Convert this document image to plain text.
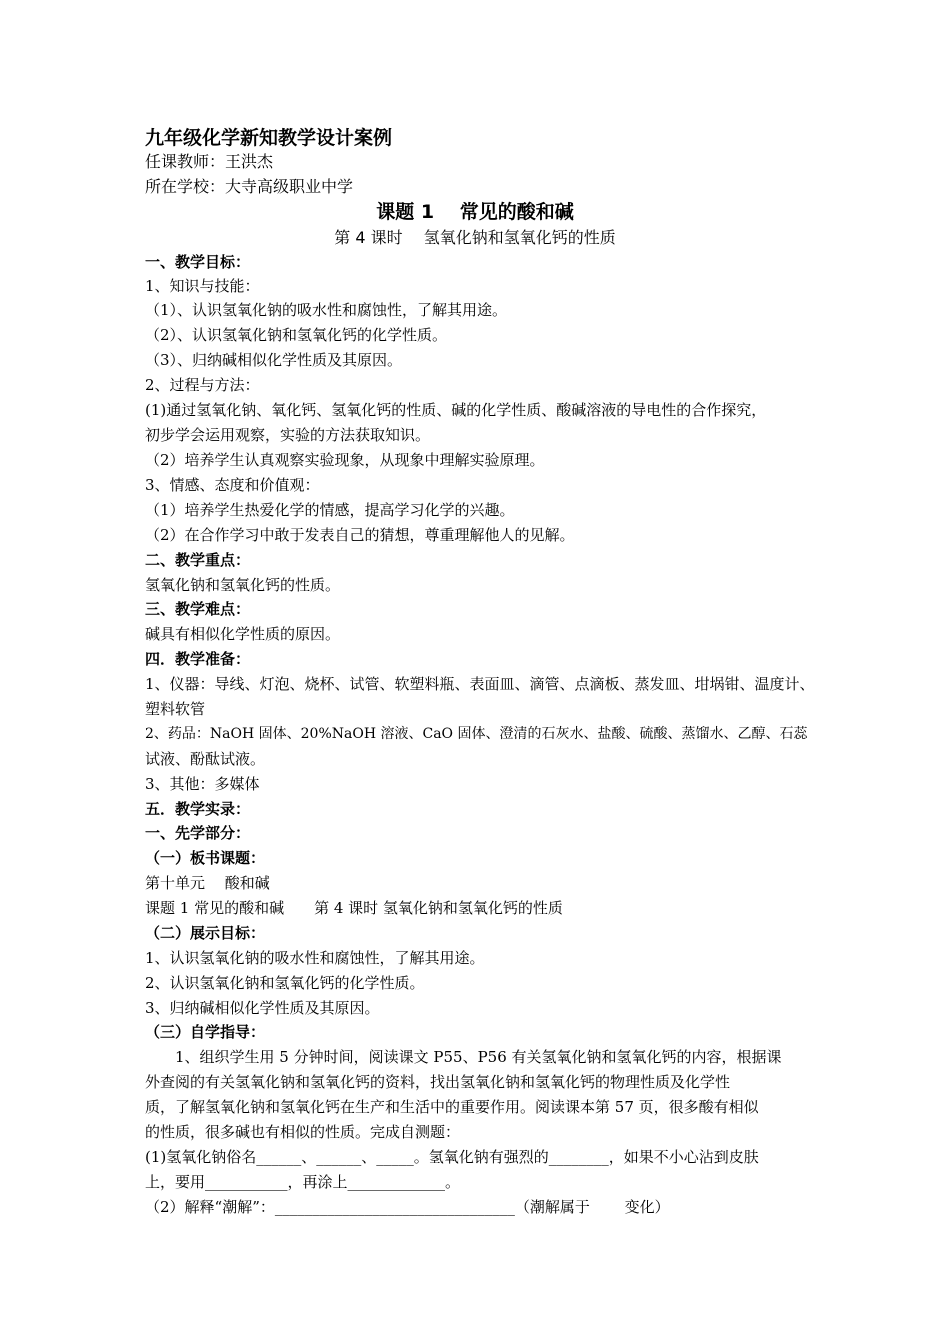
九年级化学新知教学设计案例
任课教师：王洪杰
所在学校：大寺高级职业中学
课题 1　 常见的酸和碱
第 4 课时　 氢氧化钠和氢氧化钙的性质
一、教学目标：
1、知识与技能：
（1）、认识氢氧化钠的吸水性和腐蚀性，了解其用途。
（2）、认识氢氧化钠和氢氧化钙的化学性质。
（3）、归纳碱相似化学性质及其原因。
2、过程与方法：
(1)通过氢氧化钠、氧化钙、氢氧化钙的性质、碱的化学性质、酸碱溶液的导电性的合作探究，
初步学会运用观察，实验的方法获取知识。
（2）培养学生认真观察实验现象，从现象中理解实验原理。
3、情感、态度和价值观：
（1）培养学生热爱化学的情感，提高学习化学的兴趣。
（2）在合作学习中敢于发表自己的猜想，尊重理解他人的见解。
二、教学重点：
氢氧化钠和氢氧化钙的性质。
三、教学难点：
碱具有相似化学性质的原因。
四．教学准备：
1、仪器：导线、灯泡、烧杯、试管、软塑料瓶、表面皿、滴管、点滴板、蒸发皿、坩埚钳、温度计、
塑料软管
2、药品：NaOH 固体、20%NaOH 溶液、CaO 固体、澄清的石灰水、盐酸、硫酸、蒸馏水、乙醇、石蕊
试液、酚酞试液。
3、其他：多媒体
五．教学实录：
一、先学部分：
（一）板书课题：
第十单元　 酸和碱
课题 1 常见的酸和碱　　第 4 课时 氢氧化钠和氢氧化钙的性质
（二）展示目标：
1、认识氢氧化钠的吸水性和腐蚀性，了解其用途。
2、认识氢氧化钠和氢氧化钙的化学性质。
3、归纳碱相似化学性质及其原因。
（三）自学指导：
　　1、组织学生用 5 分钟时间，阅读课文 P55、P56 有关氢氧化钠和氢氧化钙的内容，根据课
外查阅的有关氢氧化钠和氢氧化钙的资料，找出氢氧化钠和氢氧化钙的物理性质及化学性
质，了解氢氧化钠和氢氧化钙在生产和生活中的重要作用。阅读课本第 57 页，很多酸有相似
的性质，很多碱也有相似的性质。完成自测题：
(1)氢氧化钠俗名______、______、_____。氢氧化钠有强烈的________，如果不小心沾到皮肤
上，要用___________，再涂上_____________。
（2）解释“潮解”：________________________________（潮解属于　　 变化）
